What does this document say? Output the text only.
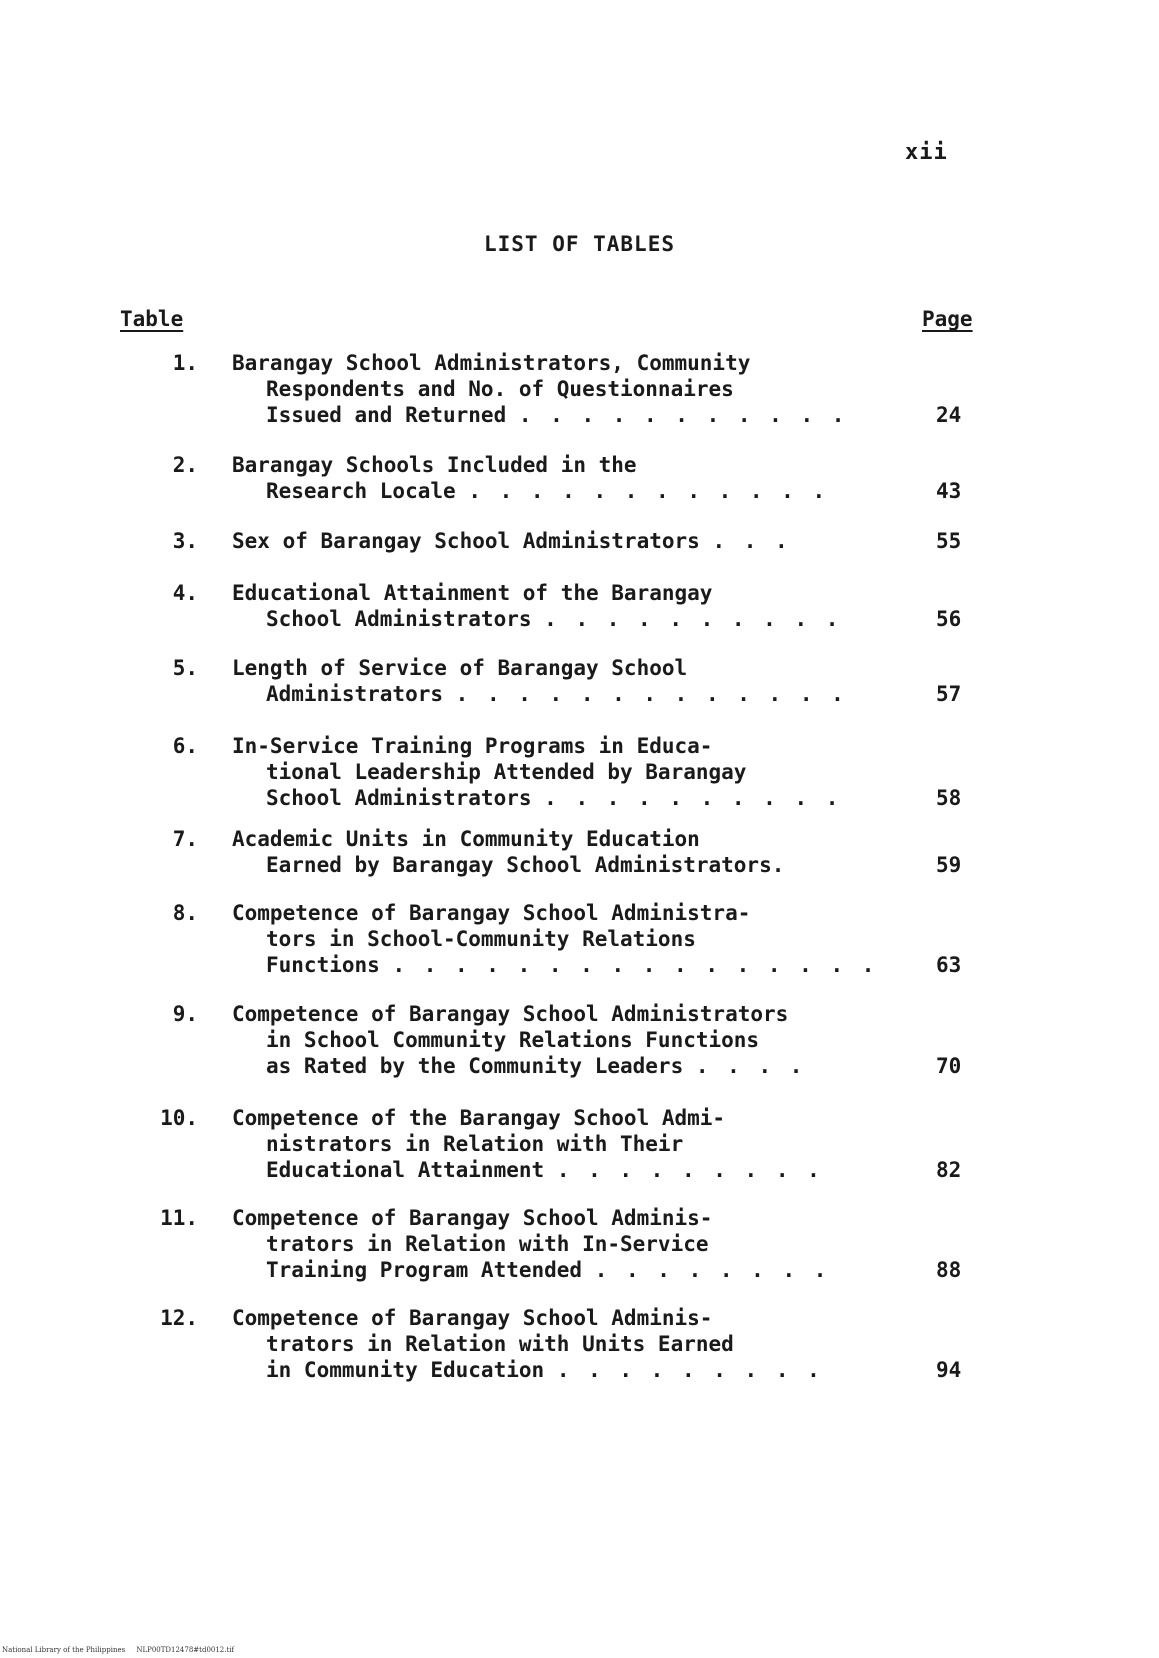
xii
LIST OF TABLES
Table	Page
1. Barangay School Administrators, Community
Respondents and No. of Questionnaires
Issued and Returned . . . . . . . . . . .	24
2. Barangay Schools Included in the
Research Locale . . . . . . . . . . . .	43
3. Sex of Barangay School Administrators . . .	55
4. Educational Attainment of the Barangay
School Administrators . . . . . . . . . .	56
5. Length of Service of Barangay School
Administrators . . . . . . . . . . . . .	57
6. In-Service Training Programs in Educa-
tional Leadership Attended by Barangay
School Administrators . . . . . . . . . .	58
7. Academic Units in Community Education
Earned by Barangay School Administrators.	59
8. Competence of Barangay School Administra-
tors in School-Community Relations
Functions . . . . . . . . . . . . . . . .	63
9. Competence of Barangay School Administrators
in School Community Relations Functions
as Rated by the Community Leaders . . . .	70
10. Competence of the Barangay School Admi-
nistrators in Relation with Their
Educational Attainment . . . . . . . . .	82
11. Competence of Barangay School Adminis-
trators in Relation with In-Service
Training Program Attended . . . . . . . .	88
12. Competence of Barangay School Adminis-
trators in Relation with Units Earned
in Community Education . . . . . . . . .	94
National Library of the Philippines     NLP00TD12478#td0012.tif
